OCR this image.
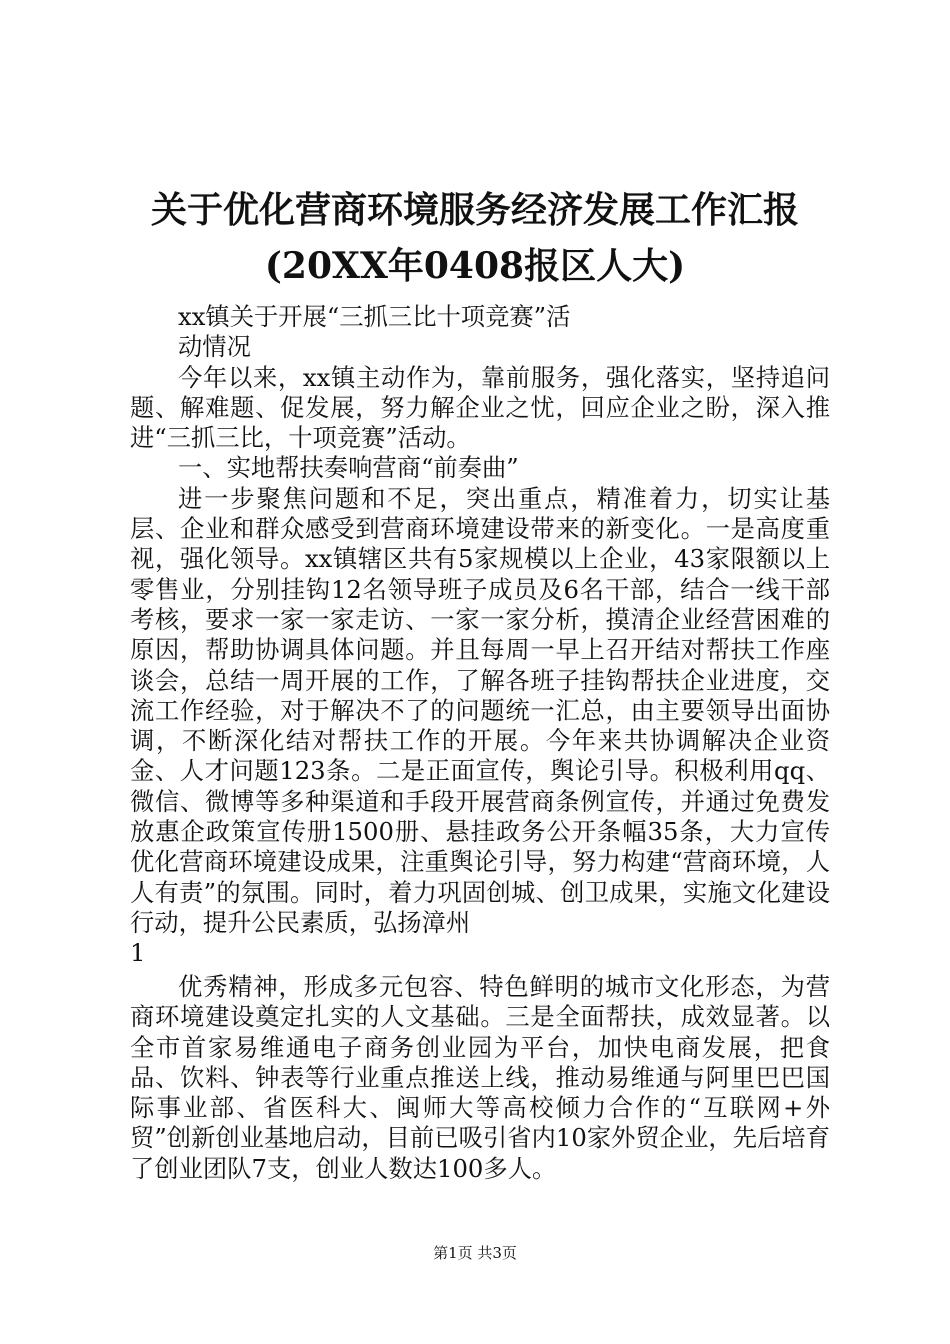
关于优化营商环境服务经济发展工作汇报
(20XX年0408报区人大)

xx镇关于开展“三抓三比十项竞赛”活

动情况

今年以来，xx镇主动作为，靠前服务，强化落实，坚持追问题、解难题、促发展，努力解企业之忧，回应企业之盼，深入推进“三抓三比，十项竞赛”活动。

一、实地帮扶奏响营商“前奏曲”

进一步聚焦问题和不足，突出重点，精准着力，切实让基层、企业和群众感受到营商环境建设带来的新变化。一是高度重视，强化领导。xx镇辖区共有5家规模以上企业，43家限额以上零售业，分别挂钩12名领导班子成员及6名干部，结合一线干部考核，要求一家一家走访、一家一家分析，摸清企业经营困难的原因，帮助协调具体问题。并且每周一早上召开结对帮扶工作座谈会，总结一周开展的工作，了解各班子挂钩帮扶企业进度，交流工作经验，对于解决不了的问题统一汇总，由主要领导出面协调，不断深化结对帮扶工作的开展。今年来共协调解决企业资金、人才问题123条。二是正面宣传，舆论引导。积极利用qq、微信、微博等多种渠道和手段开展营商条例宣传，并通过免费发放惠企政策宣传册1500册、悬挂政务公开条幅35条，大力宣传优化营商环境建设成果，注重舆论引导，努力构建“营商环境，人人有责”的氛围。同时，着力巩固创城、创卫成果，实施文化建设行动，提升公民素质，弘扬漳州

1

优秀精神，形成多元包容、特色鲜明的城市文化形态，为营商环境建设奠定扎实的人文基础。三是全面帮扶，成效显著。以全市首家易维通电子商务创业园为平台，加快电商发展，把食品、饮料、钟表等行业重点推送上线，推动易维通与阿里巴巴国际事业部、省医科大、闽师大等高校倾力合作的“互联网+外贸”创新创业基地启动，目前已吸引省内10家外贸企业，先后培育了创业团队7支，创业人数达100多人。

第1页 共3页
